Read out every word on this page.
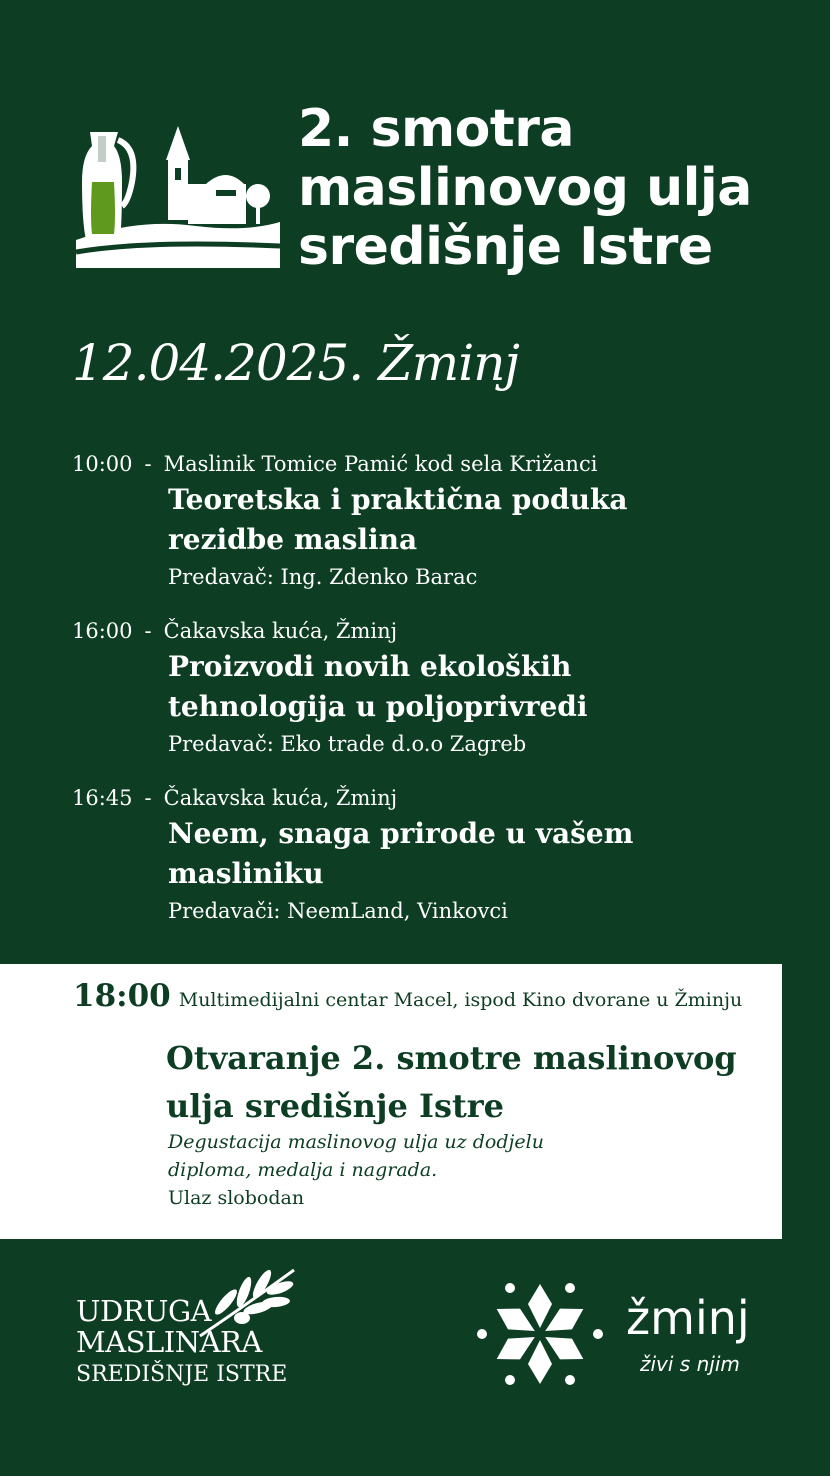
2. smotra
maslinovog ulja
središnje Istre
12.04.2025. Žminj
10:00 - Maslinik Tomice Pamić kod sela Križanci
Teoretska i praktična poduka
rezidbe maslina
Predavač: Ing. Zdenko Barac
16:00 - Čakavska kuća, Žminj
Proizvodi novih ekoloških
tehnologija u poljoprivredi
Predavač: Eko trade d.o.o Zagreb
16:45 - Čakavska kuća, Žminj
Neem, snaga prirode u vašem
masliniku
Predavači: NeemLand, Vinkovci
18:00 Multimedijalni centar Macel, ispod Kino dvorane u Žminju
Otvaranje 2. smotre maslinovog
ulja središnje Istre
Degustacija maslinovog ulja uz dodjelu
diploma, medalja i nagrada.
Ulaz slobodan
UDRUGA
MASLINARA
SREDIŠNJE ISTRE
žminj
živi s njim
